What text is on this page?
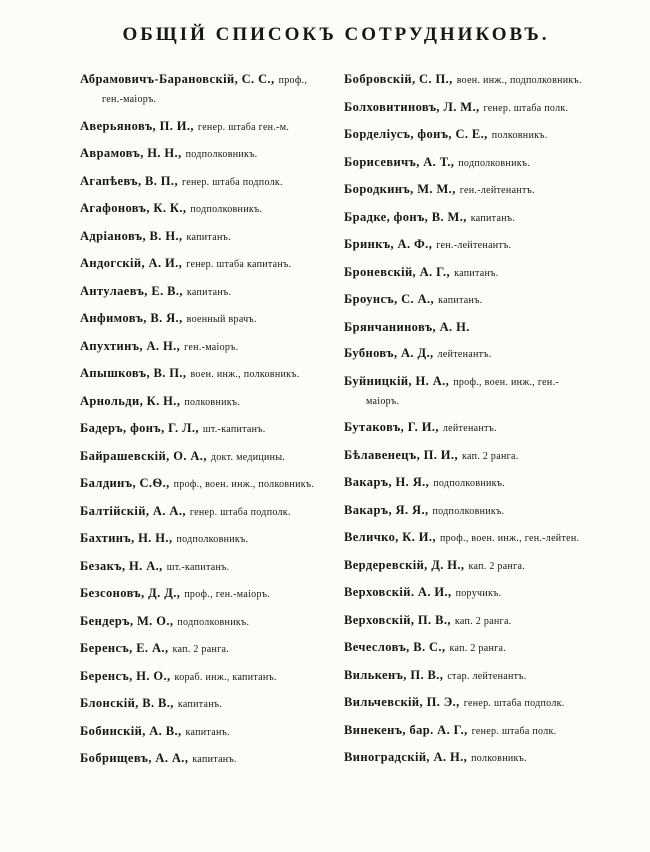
ОБЩІЙ СПИСОКЪ СОТРУДНИКОВЪ.

Абрамовичъ-Барановскій, С. С., проф., ген.-маіоръ.

Аверьяновъ, П. И., генер. штаба ген.-м.

Аврамовъ, Н. Н., подполковникъ.

Агапѣевъ, В. П., генер. штаба подполк.

Агафоновъ, К. К., подполковникъ.

Адріановъ, В. Н., капитанъ.

Андогскій, А. И., генер. штаба капитанъ.

Антулаевъ, Е. В., капитанъ.

Анфимовъ, В. Я., военный врачъ.

Апухтинъ, А. Н., ген.-маіоръ.

Апышковъ, В. П., воен. инж., полковникъ.

Арнольди, К. Н., полковникъ.

Бадеръ, фонъ, Г. Л., шт.-капитанъ.

Байрашевскій, О. А., докт. медицины.

Балдинъ, С.Ѳ., проф., воен. инж., полковникъ.

Балтійскій, А. А., генер. штаба подполк.

Бахтинъ, Н. Н., подполковникъ.

Безакъ, Н. А., шт.-капитанъ.

Безсоновъ, Д. Д., проф., ген.-маіоръ.

Бендеръ, М. О., подполковникъ.

Беренсъ, Е. А., кап. 2 ранга.

Беренсъ, Н. О., кораб. инж., капитанъ.

Блонскій, В. В., капитанъ.

Бобинскій, А. В., капитанъ.

Бобрищевъ, А. А., капитанъ.

Бобровскій, С. П., воен. инж., подполковникъ.

Болховитиновъ, Л. М., генер. штаба полк.

Борделіусъ, фонъ, С. Е., полковникъ.

Борисевичъ, А. Т., подполковникъ.

Бородкинъ, М. М., ген.-лейтенантъ.

Брадке, фонъ, В. М., капитанъ.

Бринкъ, А. Ф., ген.-лейтенантъ.

Броневскій, А. Г., капитанъ.

Броунсъ, С. А., капитанъ.

Брянчаниновъ, А. Н.

Бубновъ, А. Д., лейтенантъ.

Буйницкій, Н. А., проф., воен. инж., ген.-маіоръ.

Бутаковъ, Г. И., лейтенантъ.

Бѣлавенецъ, П. И., кап. 2 ранга.

Вакаръ, Н. Я., подполковникъ.

Вакаръ, Я. Я., подполковникъ.

Величко, К. И., проф., воен. инж., ген.-лейтен.

Вердеревскій, Д. Н., кап. 2 ранга.

Верховскій. А. И., поручикъ.

Верховскій, П. В., кап. 2 ранга.

Вечесловъ, В. С., кап. 2 ранга.

Вилькенъ, П. В., стар. лейтенантъ.

Вильчевскій, П. Э., генер. штаба подполк.

Винекенъ, бар. А. Г., генер. штаба полк.

Виноградскій, А. Н., полковникъ.
